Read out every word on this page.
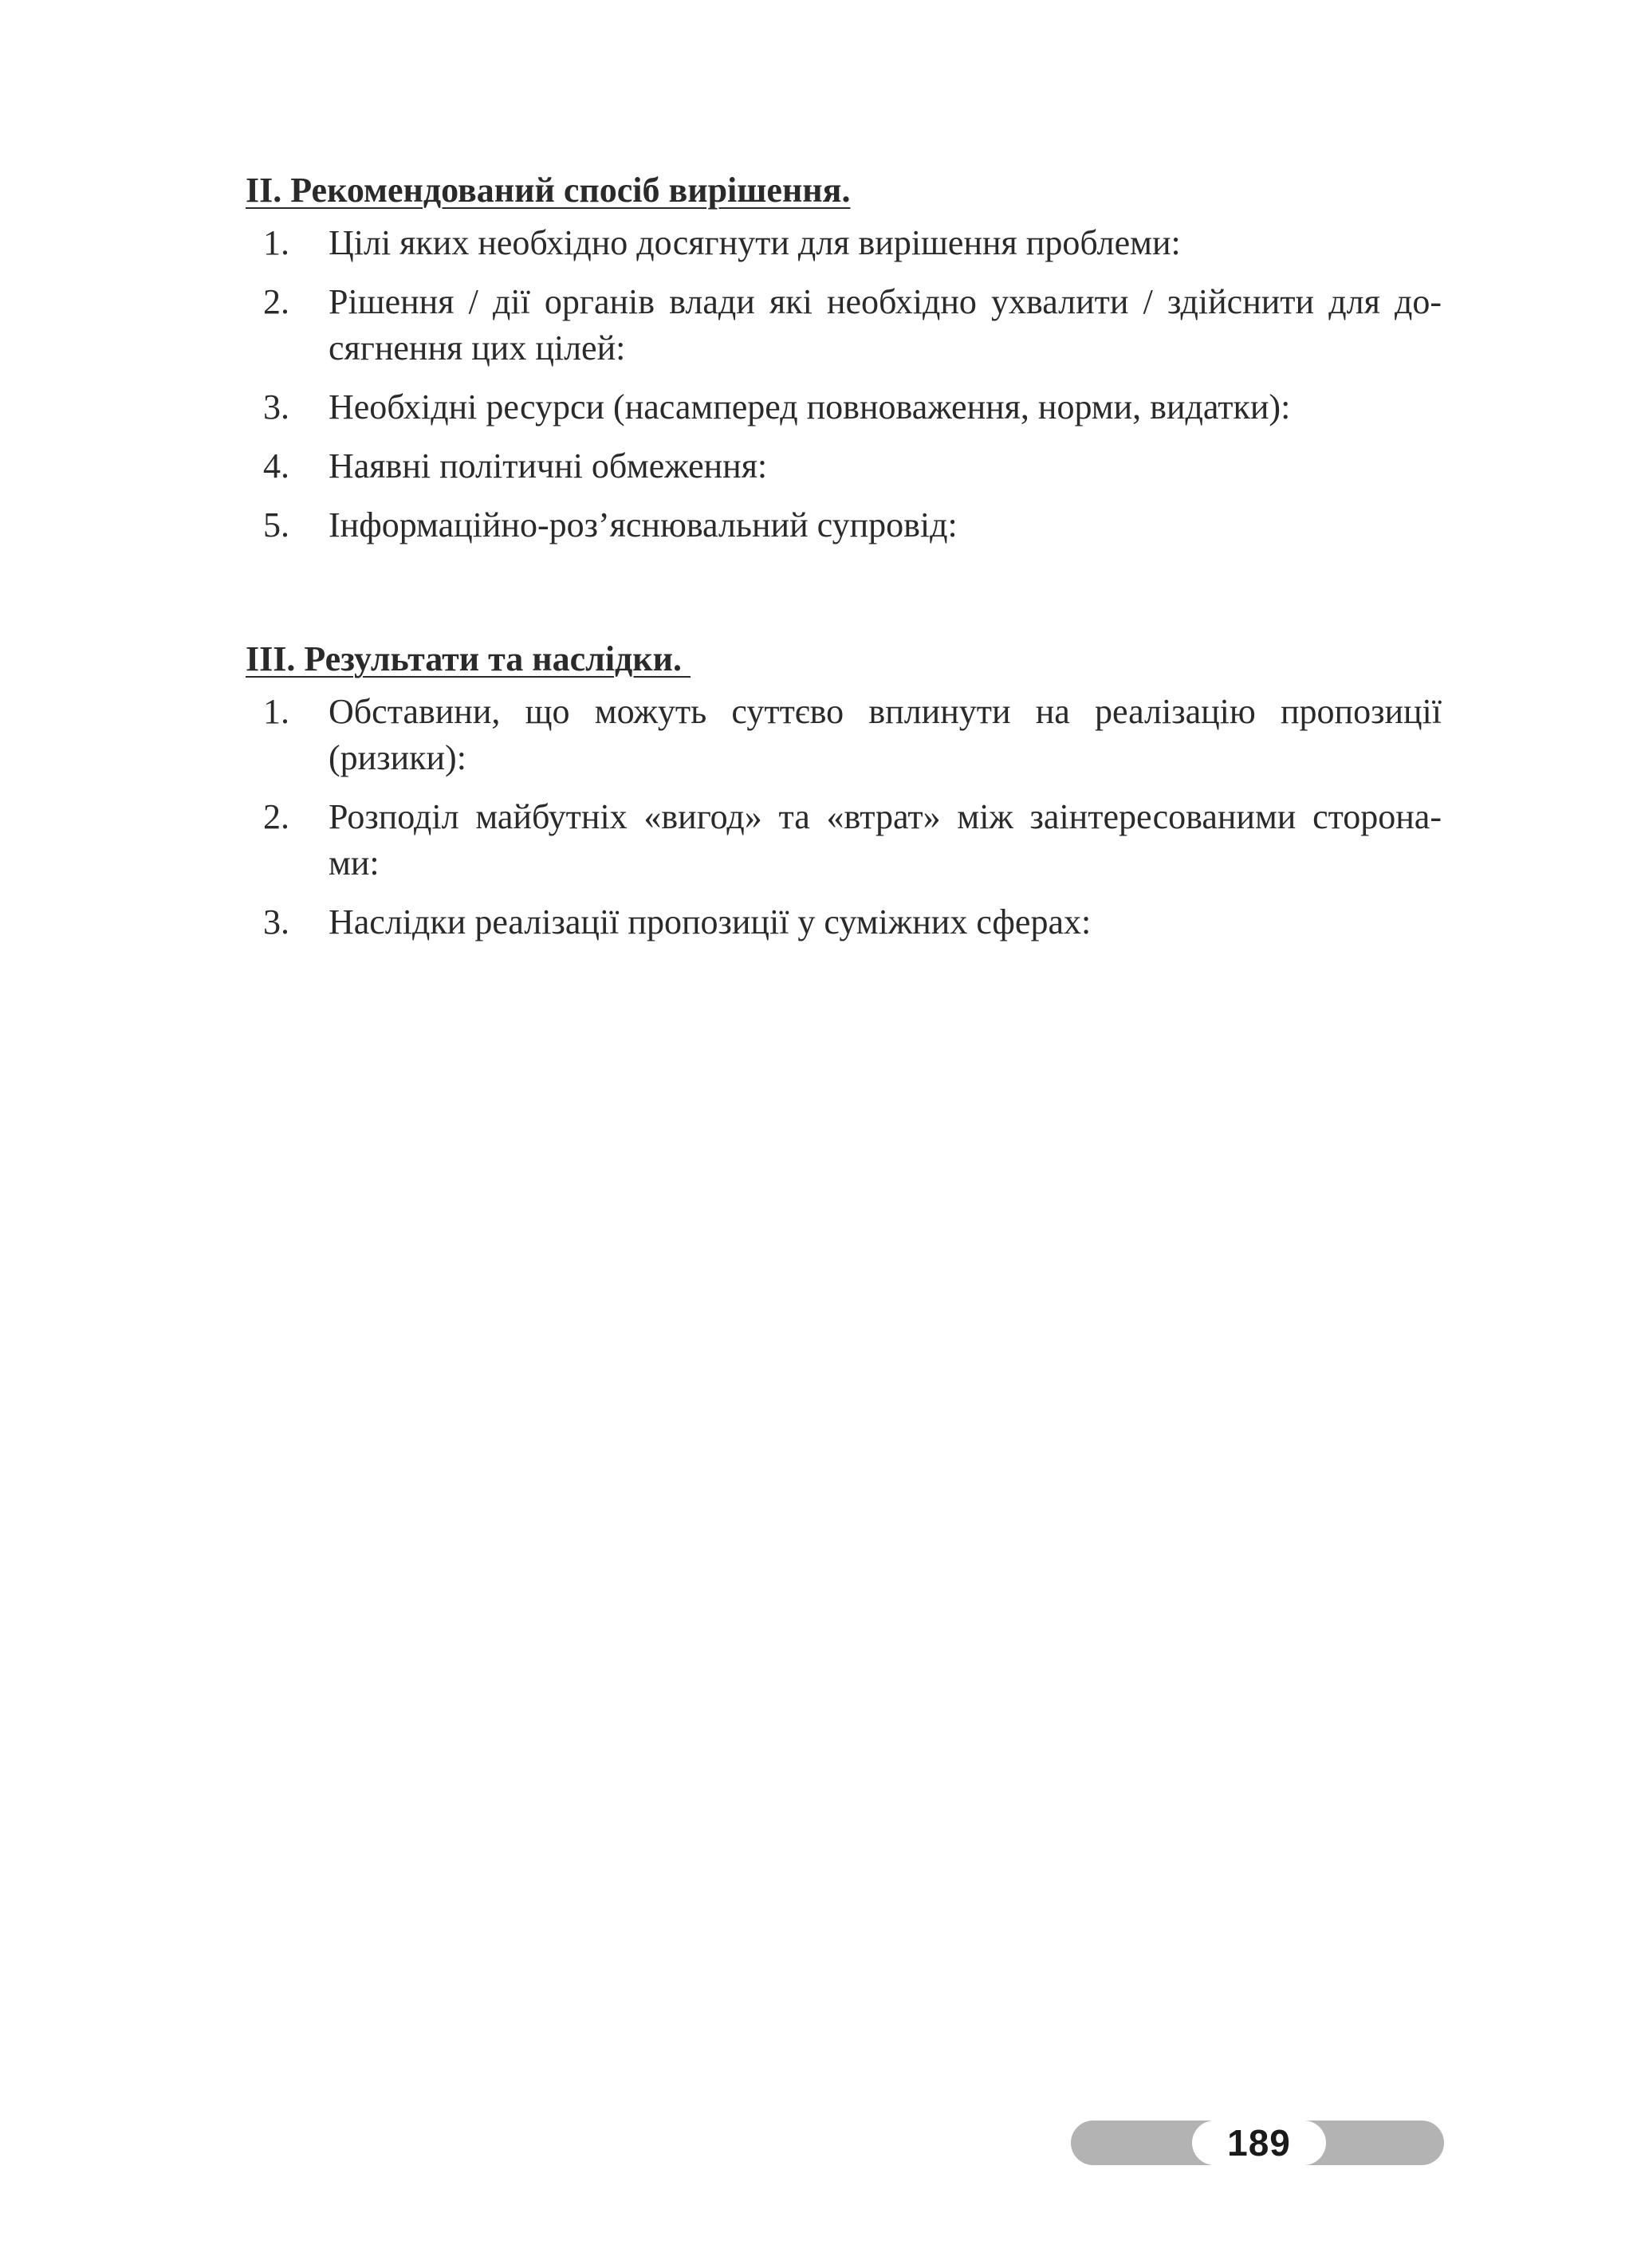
ІІ. Рекомендований спосіб вирішення.
1.	Цілі яких необхідно досягнути для вирішення проблеми:
2.	Рішення / дії органів влади які необхідно ухвалити / здійснити для до-
сягнення цих цілей:
3.	Необхідні ресурси (насамперед повноваження, норми, видатки):
4.	Наявні політичні обмеження:
5.	Інформаційно-роз’яснювальний супровід:
ІІІ. Результати та наслідки.
1.	Обставини, що можуть суттєво вплинути на реалізацію пропозиції
(ризики):
2.	Розподіл майбутніх «вигод» та «втрат» між заінтересованими сторона-
ми:
3.	Наслідки реалізації пропозиції у суміжних сферах:
189
